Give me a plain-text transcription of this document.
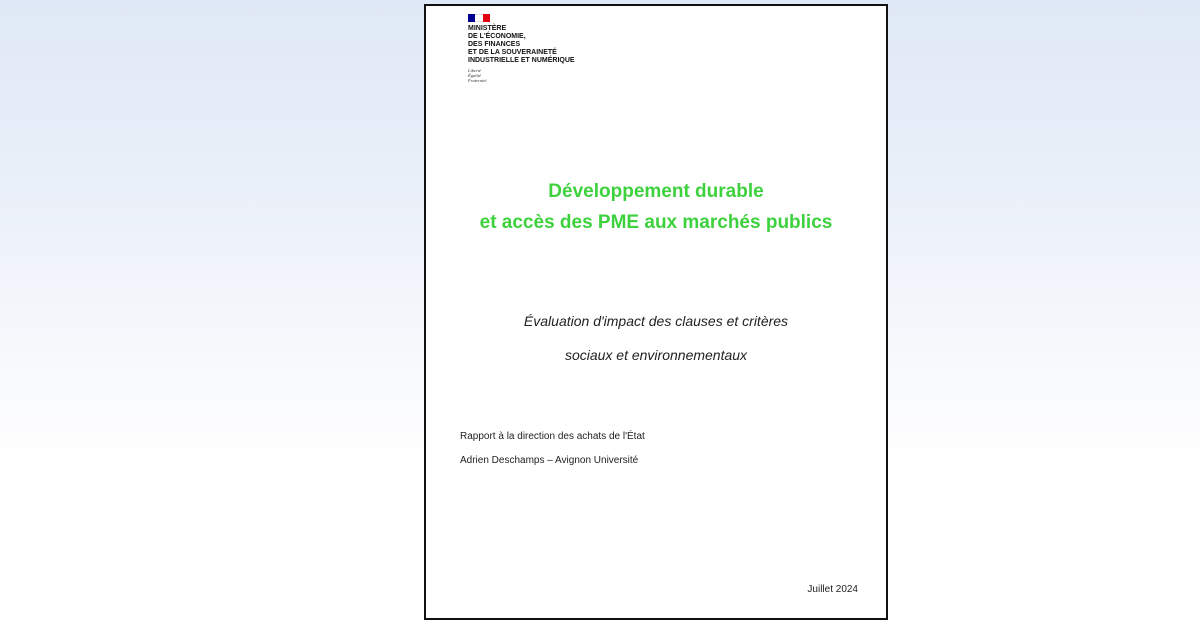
MINISTÈRE
DE L'ÉCONOMIE,
DES FINANCES
ET DE LA SOUVERAINETÉ
INDUSTRIELLE ET NUMÉRIQUE
Liberté
Égalité
Fraternité
Développement durable
et accès des PME aux marchés publics
Évaluation d'impact des clauses et critères
sociaux et environnementaux
Rapport à la direction des achats de l'État
Adrien Deschamps – Avignon Université
Juillet 2024
